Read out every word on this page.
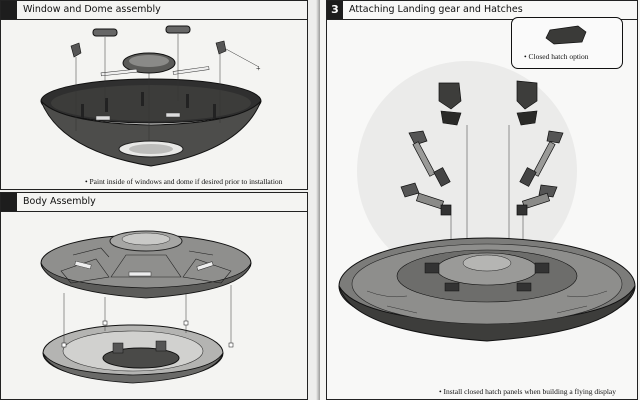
Window and Dome assembly
+
• Paint inside of windows and dome if desired prior to installation
Body Assembly
3	Attaching Landing gear and Hatches
• Closed hatch option
• Install closed hatch panels when building a flying display
